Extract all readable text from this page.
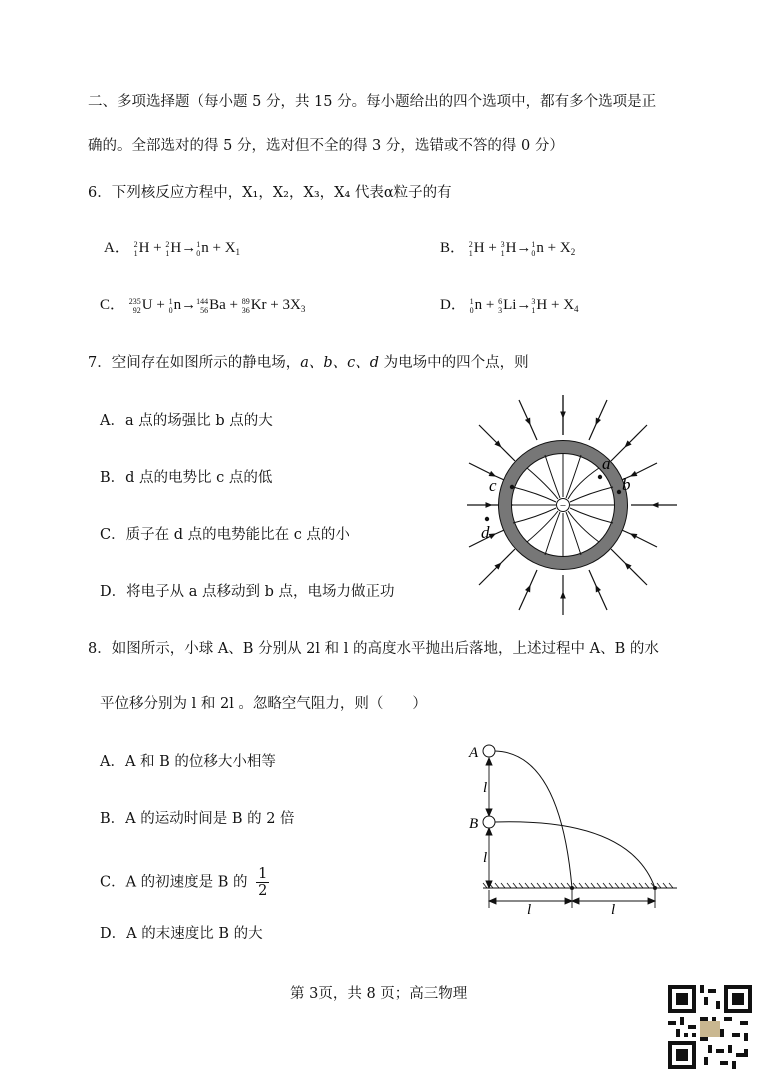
二、多项选择题（每小题 5 分，共 15 分。每小题给出的四个选项中，都有多个选项是正
确的。全部选对的得 5 分，选对但不全的得 3 分，选错或不答的得 0 分）
6．下列核反应方程中，X₁，X₂，X₃，X₄ 代表α粒子的有
A． 2
1 H + 2
1 H→ 1
0 $n + X_1$	B． 2
1 H + 3
1 H→ 1
0 $n + X_2$
C． 235
92 U + 1
0 n→ 144
56 Ba + 89
36 $Kr + 3X_3$	D． 1
0 n + 6
3 Li→ 3
1 $H + X_4$
7．空间存在如图所示的静电场，a、b、c、d 为电场中的四个点，则
A．a 点的场强比 b 点的大
B．d 点的电势比 c 点的低
C．质子在 d 点的电势能比在 c 点的小
D．将电子从 a 点移动到 b 点，电场力做正功
−
a
b
c
d
8．如图所示，小球 A、B 分别从 2l 和 l 的高度水平抛出后落地，上述过程中 A、B 的水
平位移分别为 l 和 2l 。忽略空气阻力，则（　　）
A．A 和 B 的位移大小相等
B．A 的运动时间是 B 的 2 倍
C．A 的初速度是 B 的 $\frac{1}{2}$
D．A 的末速度比 B 的大
A
B
l
l
l	l
第 3页，共 8 页；高三物理
